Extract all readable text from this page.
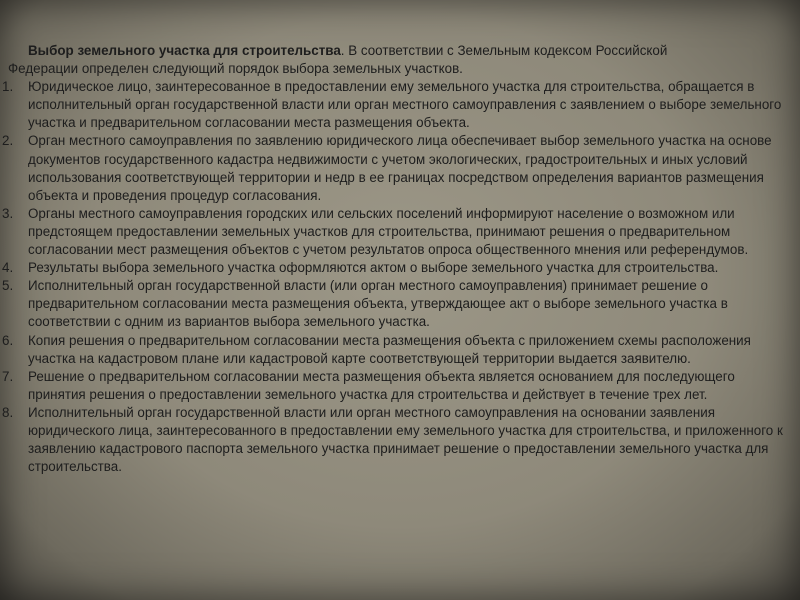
Выбор земельного участка для строительства. В соответствии с Земельным кодексом Российской

Федерации определен следующий порядок выбора земельных участков.

1.	Юридическое лицо, заинтересованное в предоставлении ему земельного участка для строительства, обращается в исполнительный орган государственной власти или орган местного самоуправления с заявлением о выборе земельного участка и предварительном согласовании места размещения объекта.
2.	Орган местного самоуправления по заявлению юридического лица обеспечивает выбор земельного участка на основе документов государственного кадастра недвижимости с учетом экологических, градостроительных и иных условий использования соответствующей территории и недр в ее границах посредством определения вариантов размещения объекта и проведения процедур согласования.
3.	Органы местного самоуправления городских или сельских поселений информируют население о возможном или предстоящем предоставлении земельных участков для строительства, принимают решения о предварительном согласовании мест размещения объектов с учетом результатов опроса общественного мнения или референдумов.
4.	Результаты выбора земельного участка оформляются актом о выборе земельного участка для строительства.
5.	Исполнительный орган государственной власти (или орган местного самоуправления) принимает решение о предварительном согласовании места размещения объекта, утверждающее акт о выборе земельного участка в соответствии с одним из вариантов выбора земельного участка.
6.	Копия решения о предварительном согласовании места размещения объекта с приложением схемы расположения участка на кадастровом плане или кадастровой карте соответствующей территории выдается заявителю.
7.	Решение о предварительном согласовании места размещения объекта является основанием для последующего принятия решения о предоставлении земельного участка для строительства и действует в течение трех лет.
8.	Исполнительный орган государственной власти или орган местного самоуправления на основании заявления юридического лица, заинтересованного в предоставлении ему земельного участка для строительства, и приложенного к заявлению кадастрового паспорта земельного участка принимает решение о предоставлении земельного участка для строительства.
